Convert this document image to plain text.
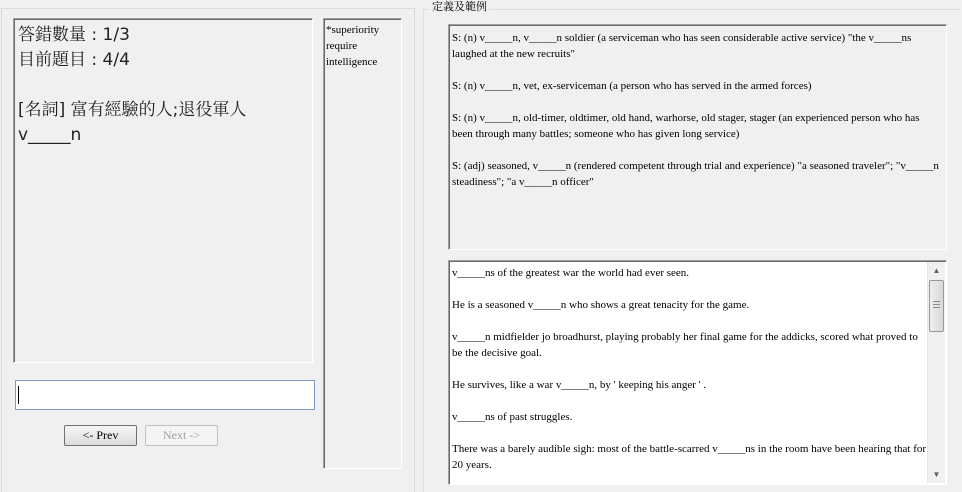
答錯數量 : 1/3
目前題目 : 4/4
[名詞] 富有經驗的人;退役軍人
v_____n
<- Prev	Next ->
*superiority
require
intelligence
定義及範例

S: (n) v_____n, v_____n soldier (a serviceman who has seen considerable active service) "the v_____ns laughed at the new recruits"

S: (n) v_____n, vet, ex-serviceman (a person who has served in the armed forces)

S: (n) v_____n, old-timer, oldtimer, old hand, warhorse, old stager, stager (an experienced person who has been through many battles; someone who has given long service)

S: (adj) seasoned, v_____n (rendered competent through trial and experience) "a seasoned traveler"; "v_____n steadiness"; "a v_____n officer"

v_____ns of the greatest war the world had ever seen.

He is a seasoned v_____n who shows a great tenacity for the game.

v_____n midfielder jo broadhurst, playing probably her final game for the addicks, scored what proved to be the decisive goal.

He survives, like a war v_____n, by ' keeping his anger ' .

v_____ns of past struggles.

There was a barely audible sigh: most of the battle-scarred v_____ns in the room have been hearing that for 20 years.

▲
▼
